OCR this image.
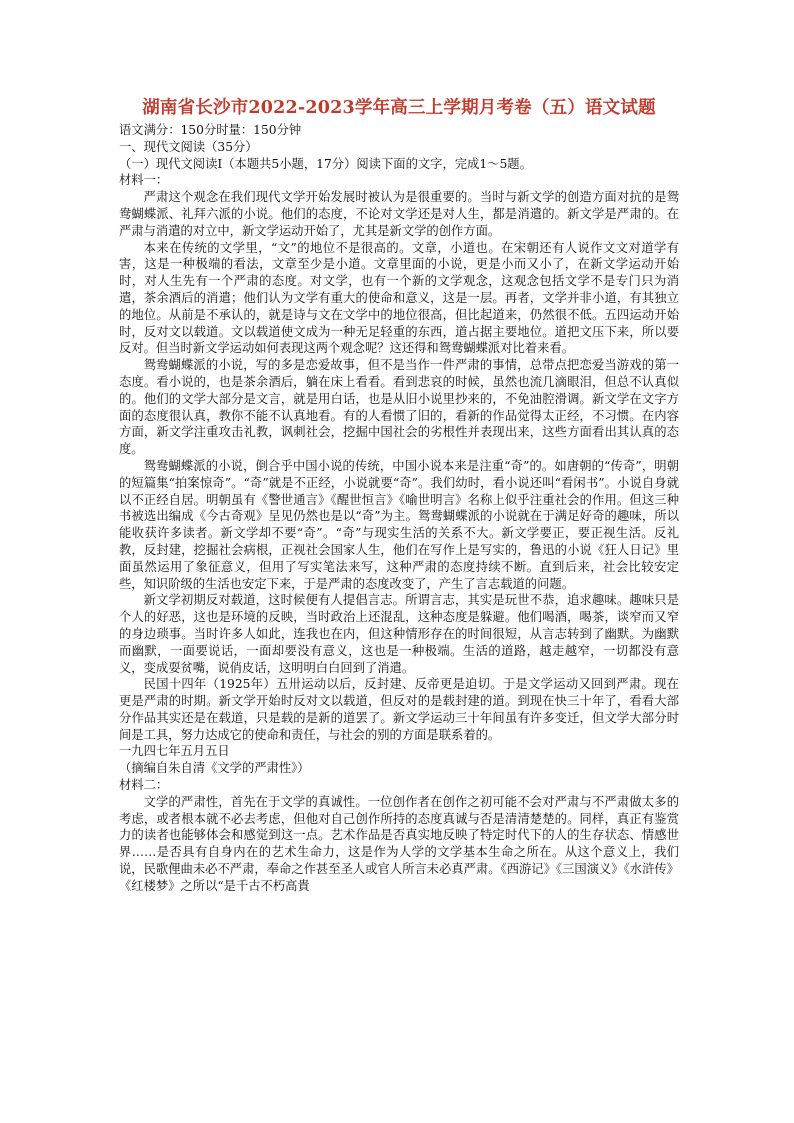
湖南省长沙市2022-2023学年高三上学期月考卷（五）语文试题

语文满分：150分时量：150分钟

一、现代文阅读（35分）

（一）现代文阅读Ⅰ（本题共5小题，17分）阅读下面的文字，完成1～5题。

材料一：

严肃这个观念在我们现代文学开始发展时被认为是很重要的。当时与新文学的创造方面对抗的是鸳鸯蝴蝶派、礼拜六派的小说。他们的态度，不论对文学还是对人生，都是消遣的。新文学是严肃的。在严肃与消遣的对立中，新文学运动开始了，尤其是新文学的创作方面。

本来在传统的文学里，“文”的地位不是很高的。文章，小道也。在宋朝还有人说作文文对道学有害，这是一种极端的看法，文章至少是小道。文章里面的小说，更是小而又小了，在新文学运动开始时，对人生先有一个严肃的态度。对文学，也有一个新的文学观念，这观念包括文学不是专门只为消遣，茶余酒后的消遣；他们认为文学有重大的使命和意义，这是一层。再者，文学并非小道，有其独立的地位。从前是不承认的，就是诗与文在文学中的地位很高，但比起道来，仍然很不低。五四运动开始时，反对文以载道。文以载道使文成为一种无足轻重的东西，道占据主要地位。道把文压下来，所以要反对。但当时新文学运动如何表现这两个观念呢？这还得和鸳鸯蝴蝶派对比着来看。

鸳鸯蝴蝶派的小说，写的多是恋爱故事，但不是当作一件严肃的事情，总带点把恋爱当游戏的第一态度。看小说的，也是茶余酒后，躺在床上看看。看到悲哀的时候，虽然也流几滴眼泪，但总不认真似的。他们的文学大部分是文言，就是用白话，也是从旧小说里抄来的，不免油腔滑调。新文学在文字方面的态度很认真，教你不能不认真地看。有的人看惯了旧的，看新的作品觉得太正经，不习惯。在内容方面，新文学注重攻击礼教，讽刺社会，挖掘中国社会的劣根性并表现出来，这些方面看出其认真的态度。

鸳鸯蝴蝶派的小说，倒合乎中国小说的传统，中国小说本来是注重“奇”的。如唐朝的“传奇”，明朝的短篇集“拍案惊奇”。“奇”就是不正经，小说就要“奇”。我们幼时，看小说还叫“看闲书”。小说自身就以不正经自居。明朝虽有《警世通言》《醒世恒言》《喻世明言》名称上似乎注重社会的作用。但这三种书被选出编成《今古奇观》呈见仍然也是以“奇”为主。鸳鸯蝴蝶派的小说就在于满足好奇的趣味，所以能收获许多读者。新文学却不要“奇”。“奇”与现实生活的关系不大。新文学要正，要正视生活。反礼教，反封建，挖掘社会病根，正视社会国家人生，他们在写作上是写实的，鲁迅的小说《狂人日记》里面虽然运用了象征意义，但用了写实笔法来写，这种严肃的态度持续不断。直到后来，社会比较安定些，知识阶级的生活也安定下来，于是严肃的态度改变了，产生了言志载道的问题。

新文学初期反对载道，这时候便有人提倡言志。所谓言志，其实是玩世不恭，追求趣味。趣味只是个人的好恶，这也是环境的反映，当时政治上还混乱，这种态度是躲避。他们喝酒，喝茶，谈窄而又窄的身边琐事。当时许多人如此，连我也在内，但这种情形存在的时间很短，从言志转到了幽默。为幽默而幽默，一面要说话，一面却要没有意义，这也是一种极端。生活的道路，越走越窄，一切都没有意义，变成耍贫嘴，说俏皮话，这明明白白回到了消遣。

民国十四年（1925年）五卅运动以后，反封建、反帝更是迫切。于是文学运动又回到严肃。现在更是严肃的时期。新文学开始时反对文以载道，但反对的是载封建的道。到现在快三十年了，看看大部分作品其实还是在载道，只是载的是新的道罢了。新文学运动三十年间虽有许多变迁，但文学大部分时间是工具，努力达成它的使命和责任，与社会的别的方面是联系着的。

一九四七年五月五日

（摘编自朱自清《文学的严肃性》）

材料二：

文学的严肃性，首先在于文学的真诚性。一位创作者在创作之初可能不会对严肃与不严肃做太多的考虑，或者根本就不必去考虑，但他对自己创作所持的态度真诚与否是清清楚楚的。同样，真正有鉴赏力的读者也能够体会和感觉到这一点。艺术作品是否真实地反映了特定时代下的人的生存状态、情感世界……是否具有自身内在的艺术生命力，这是作为人学的文学基本生命之所在。从这个意义上，我们说，民歌俚曲未必不严肃，奉命之作甚至圣人或官人所言未必真严肃。《西游记》《三国演义》《水浒传》《红楼梦》之所以“是千古不朽高貴
